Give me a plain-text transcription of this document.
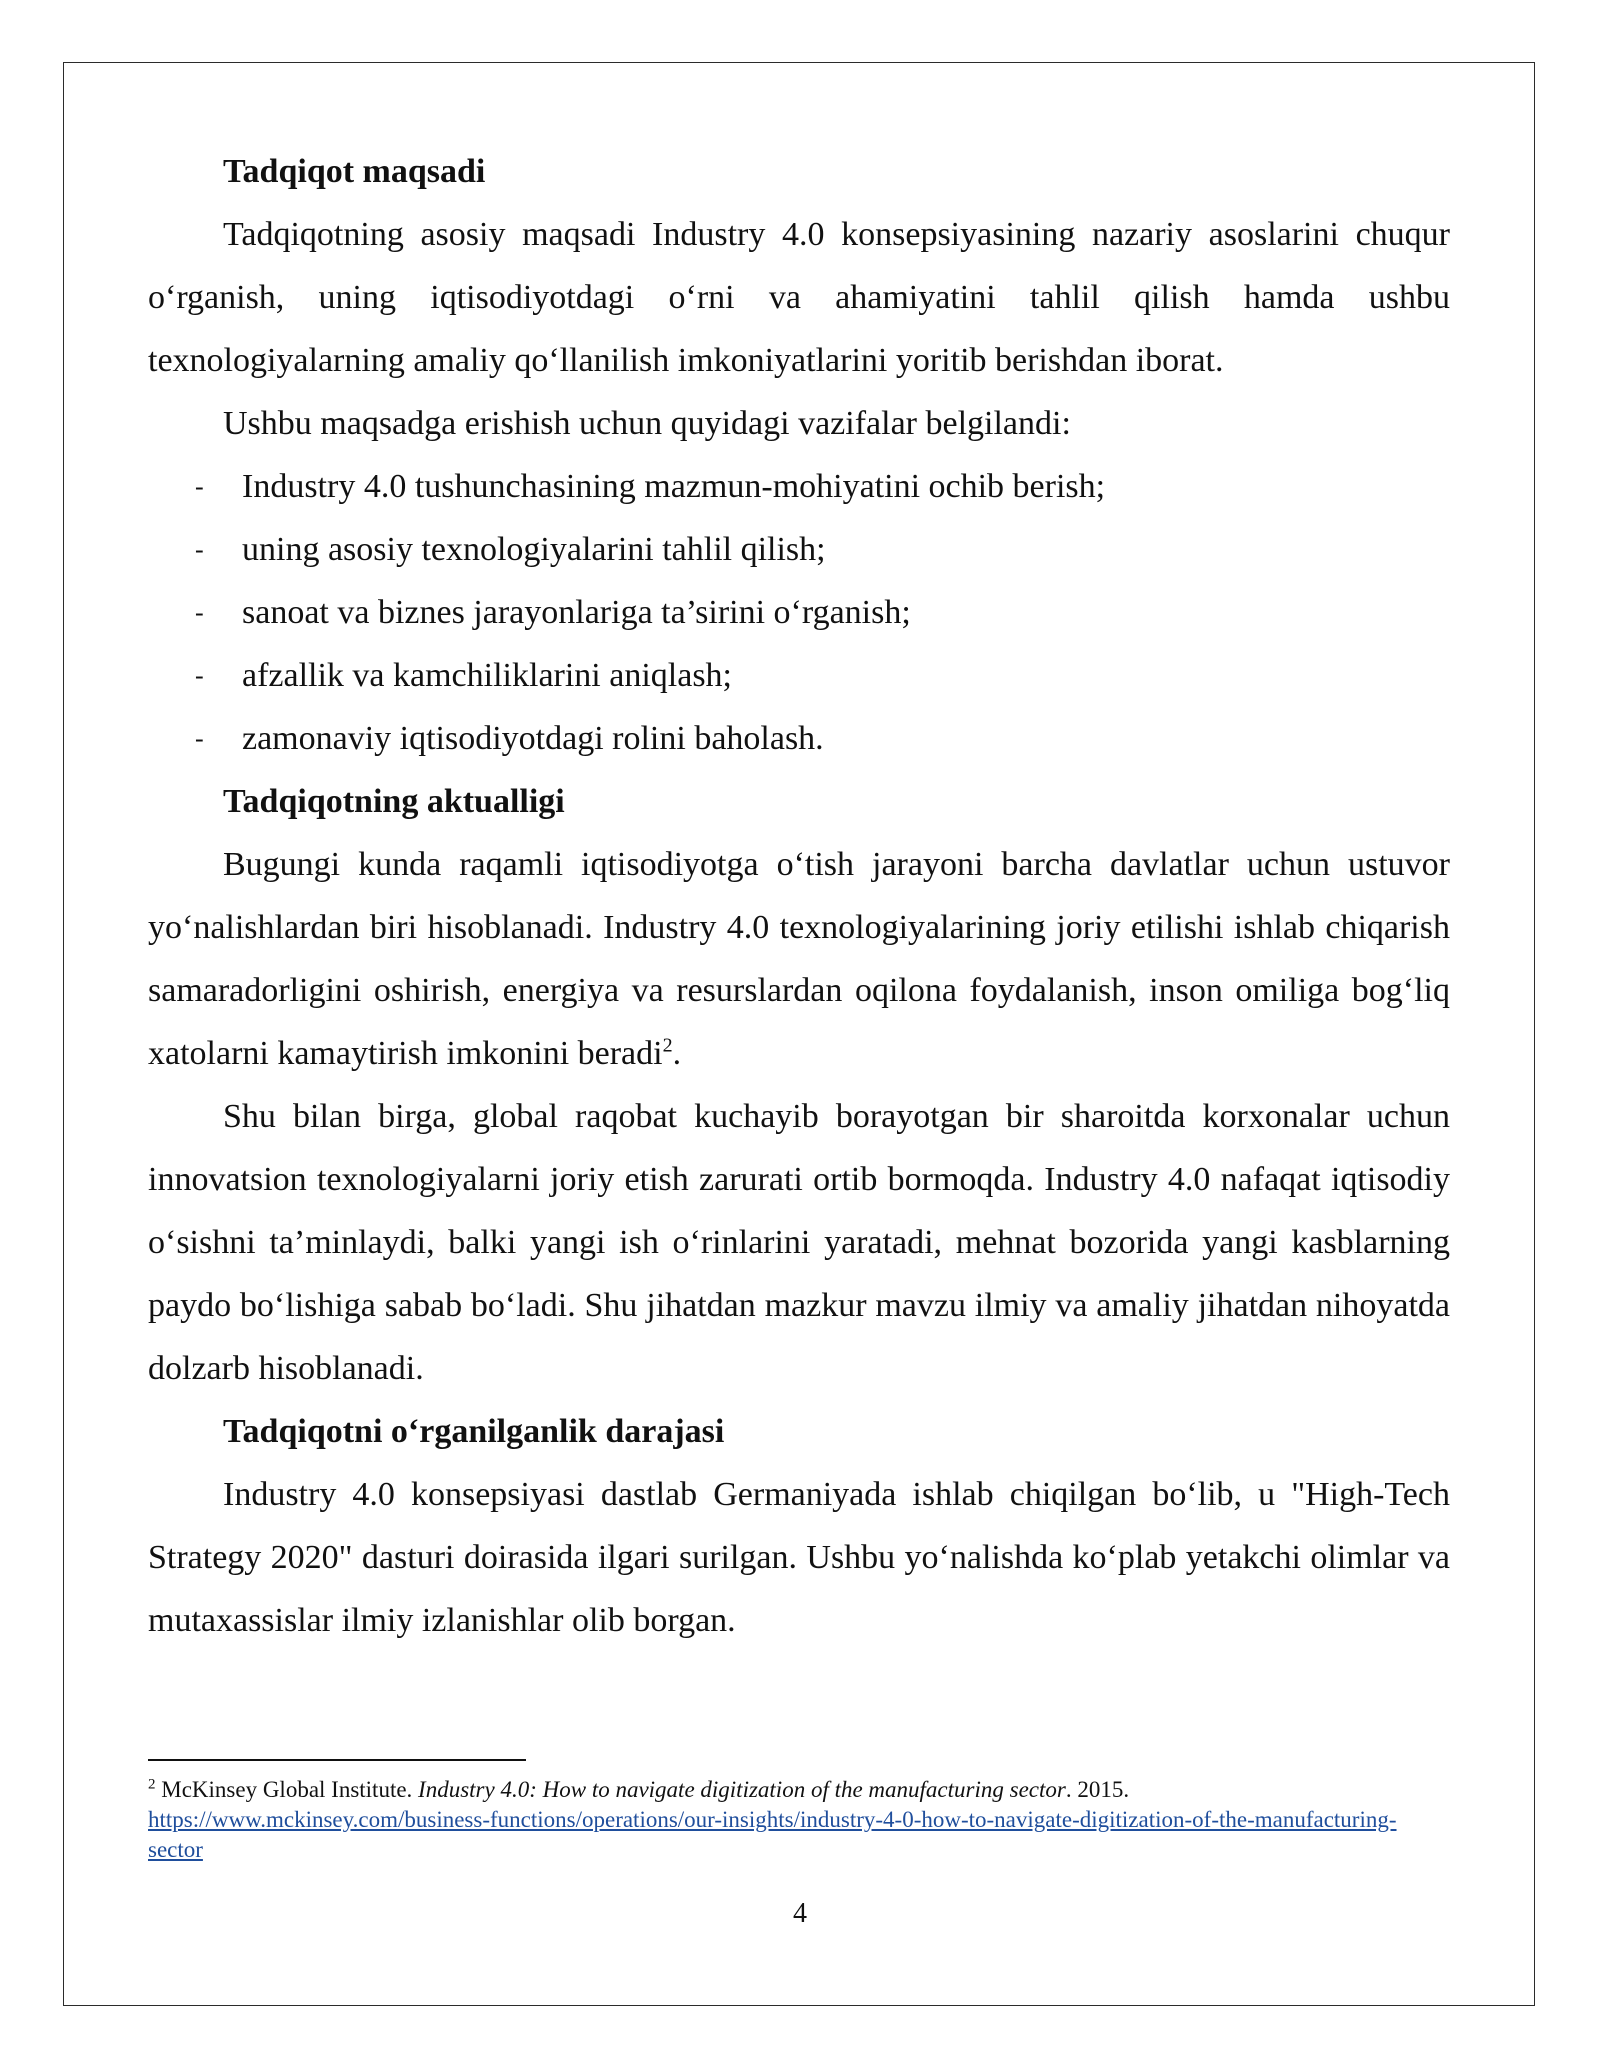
Tadqiqot maqsadi

Tadqiqotning asosiy maqsadi Industry 4.0 konsepsiyasining nazariy asoslarini chuqur o‘rganish, uning iqtisodiyotdagi o‘rni va ahamiyatini tahlil qilish hamda ushbu texnologiyalarning amaliy qo‘llanilish imkoniyatlarini yoritib berishdan iborat.

Ushbu maqsadga erishish uchun quyidagi vazifalar belgilandi:

- Industry 4.0 tushunchasining mazmun-mohiyatini ochib berish;
- uning asosiy texnologiyalarini tahlil qilish;
- sanoat va biznes jarayonlariga ta’sirini o‘rganish;
- afzallik va kamchiliklarini aniqlash;
- zamonaviy iqtisodiyotdagi rolini baholash.
Tadqiqotning aktualligi

Bugungi kunda raqamli iqtisodiyotga o‘tish jarayoni barcha davlatlar uchun ustuvor yo‘nalishlardan biri hisoblanadi. Industry 4.0 texnologiyalarining joriy etilishi ishlab chiqarish samaradorligini oshirish, energiya va resurslardan oqilona foydalanish, inson omiliga bog‘liq xatolarni kamaytirish imkonini beradi$^2$.

Shu bilan birga, global raqobat kuchayib borayotgan bir sharoitda korxonalar uchun innovatsion texnologiyalarni joriy etish zarurati ortib bormoqda. Industry 4.0 nafaqat iqtisodiy o‘sishni ta’minlaydi, balki yangi ish o‘rinlarini yaratadi, mehnat bozorida yangi kasblarning paydo bo‘lishiga sabab bo‘ladi. Shu jihatdan mazkur mavzu ilmiy va amaliy jihatdan nihoyatda dolzarb hisoblanadi.

Tadqiqotni o‘rganilganlik darajasi

Industry 4.0 konsepsiyasi dastlab Germaniyada ishlab chiqilgan bo‘lib, u "High-Tech Strategy 2020" dasturi doirasida ilgari surilgan. Ushbu yo‘nalishda ko‘plab yetakchi olimlar va mutaxassislar ilmiy izlanishlar olib borgan.

$^2$ McKinsey Global Institute. Industry 4.0: How to navigate digitization of the manufacturing sector. 2015.
https://www.mckinsey.com/business-functions/operations/our-insights/industry-4-0-how-to-navigate-digitization-of-the-manufacturing-sector
4
